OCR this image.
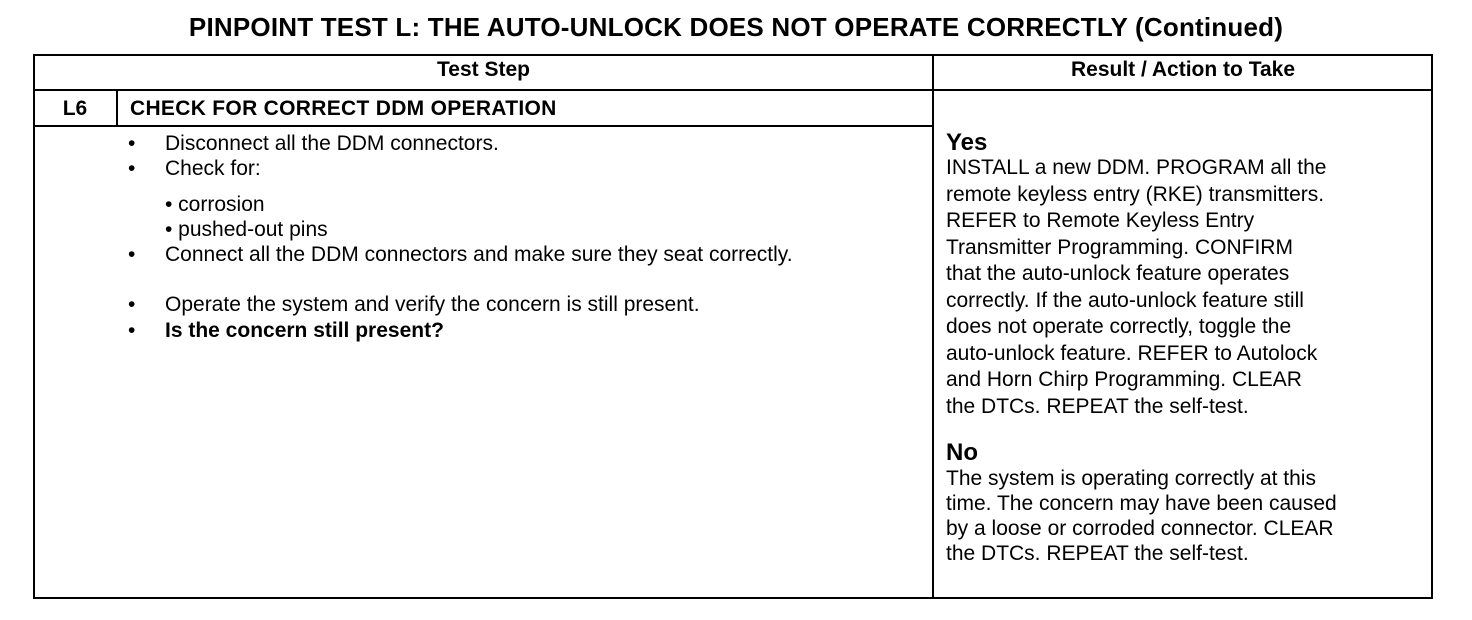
PINPOINT TEST L: THE AUTO-UNLOCK DOES NOT OPERATE CORRECTLY (Continued)
Test Step	Result / Action to Take
L6	CHECK FOR CORRECT DDM OPERATION
• Disconnect all the DDM connectors.
• Check for:
• corrosion
• pushed-out pins
• Connect all the DDM connectors and make sure they seat correctly.
• Operate the system and verify the concern is still present.
• Is the concern still present?
Yes
INSTALL a new DDM. PROGRAM all the
remote keyless entry (RKE) transmitters.
REFER to Remote Keyless Entry
Transmitter Programming. CONFIRM
that the auto-unlock feature operates
correctly. If the auto-unlock feature still
does not operate correctly, toggle the
auto-unlock feature. REFER to Autolock
and Horn Chirp Programming. CLEAR
the DTCs. REPEAT the self-test.
No
The system is operating correctly at this
time. The concern may have been caused
by a loose or corroded connector. CLEAR
the DTCs. REPEAT the self-test.
